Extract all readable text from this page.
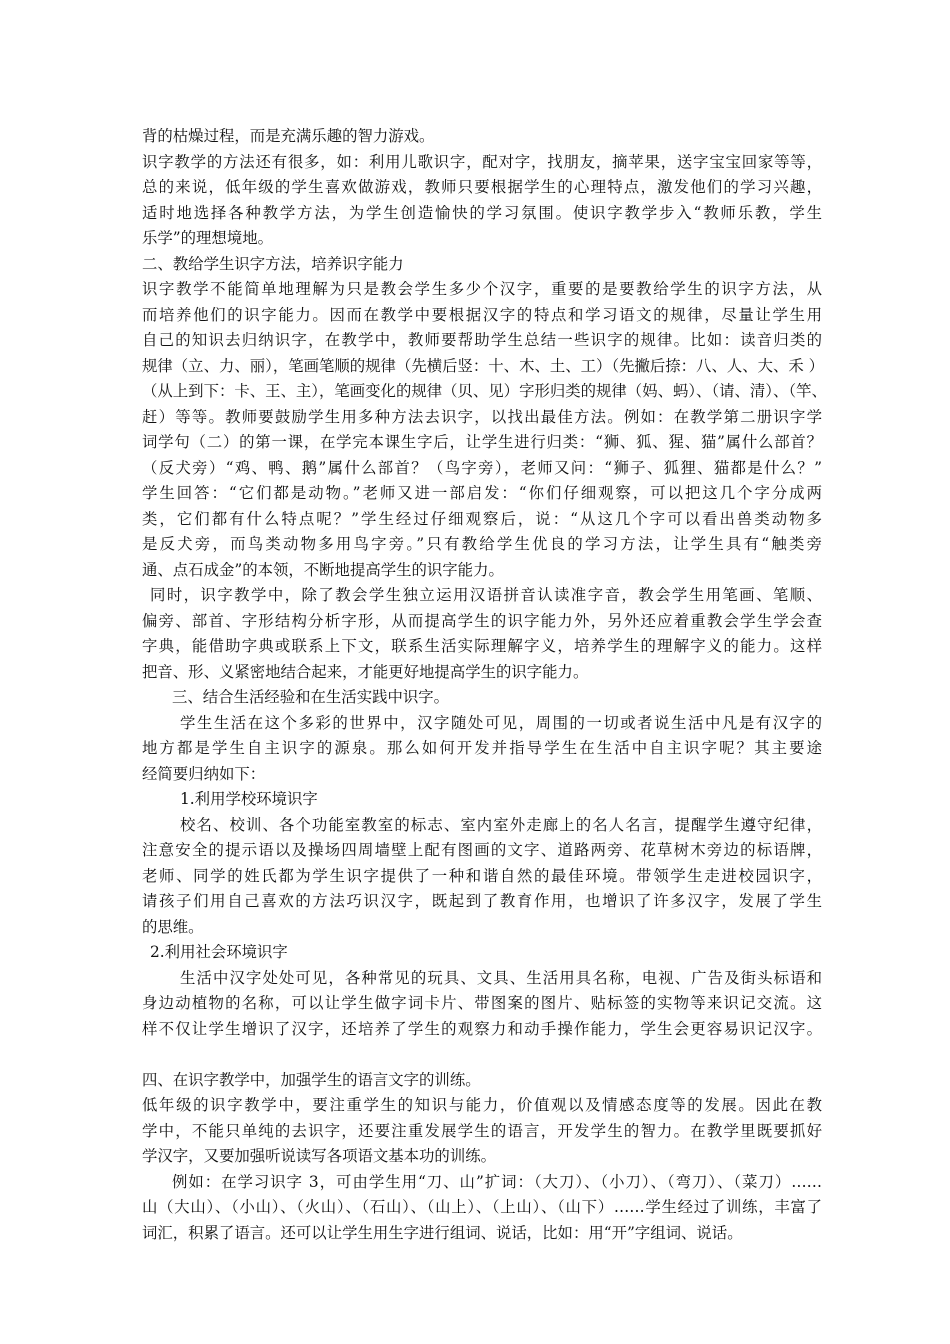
背的枯燥过程，而是充满乐趣的智力游戏。
识字教学的方法还有很多，如：利用儿歌识字，配对字，找朋友，摘苹果，送字宝宝回家等等，
总的来说，低年级的学生喜欢做游戏，教师只要根据学生的心理特点，激发他们的学习兴趣，
适时地选择各种教学方法，为学生创造愉快的学习氛围。使识字教学步入“教师乐教，学生
乐学”的理想境地。
二、教给学生识字方法，培养识字能力
识字教学不能简单地理解为只是教会学生多少个汉字，重要的是要教给学生的识字方法，从
而培养他们的识字能力。因而在教学中要根据汉字的特点和学习语文的规律，尽量让学生用
自己的知识去归纳识字，在教学中，教师要帮助学生总结一些识字的规律。比如：读音归类的
规律（立、力、丽），笔画笔顺的规律（先横后竖：十、木、土、工）（先撇后捺：八、人、大、禾 ）
（从上到下：卡、王、主），笔画变化的规律（贝、见）字形归类的规律（妈、蚂）、（请、清）、（竿、
赶）等等。教师要鼓励学生用多种方法去识字，以找出最佳方法。例如：在教学第二册识字学
词学句（二）的第一课，在学完本课生字后，让学生进行归类：“狮、狐、猩、猫”属什么部首？
（反犬旁）“鸡、鸭、鹅”属什么部首？（鸟字旁），老师又问：“狮子、狐狸、猫都是什么？”
学生回答：“它们都是动物。”老师又进一部启发：“你们仔细观察，可以把这几个字分成两
类，它们都有什么特点呢？”学生经过仔细观察后，说：“从这几个字可以看出兽类动物多
是反犬旁，而鸟类动物多用鸟字旁。”只有教给学生优良的学习方法，让学生具有“触类旁
通、点石成金”的本领，不断地提高学生的识字能力。
同时，识字教学中，除了教会学生独立运用汉语拼音认读准字音，教会学生用笔画、笔顺、
偏旁、部首、字形结构分析字形，从而提高学生的识字能力外，另外还应着重教会学生学会查
字典，能借助字典或联系上下文，联系生活实际理解字义，培养学生的理解字义的能力。这样
把音、形、义紧密地结合起来，才能更好地提高学生的识字能力。
三、结合生活经验和在生活实践中识字。
学生生活在这个多彩的世界中，汉字随处可见，周围的一切或者说生活中凡是有汉字的
地方都是学生自主识字的源泉。那么如何开发并指导学生在生活中自主识字呢？其主要途
经简要归纳如下：
1.利用学校环境识字
校名、校训、各个功能室教室的标志、室内室外走廊上的名人名言，提醒学生遵守纪律，
注意安全的提示语以及操场四周墙壁上配有图画的文字、道路两旁、花草树木旁边的标语牌，
老师、同学的姓氏都为学生识字提供了一种和谐自然的最佳环境。带领学生走进校园识字，
请孩子们用自己喜欢的方法巧识汉字，既起到了教育作用，也增识了许多汉字，发展了学生
的思维。
2.利用社会环境识字
生活中汉字处处可见，各种常见的玩具、文具、生活用具名称，电视、广告及街头标语和
身边动植物的名称，可以让学生做字词卡片、带图案的图片、贴标签的实物等来识记交流。这
样不仅让学生增识了汉字，还培养了学生的观察力和动手操作能力，学生会更容易识记汉字。
四、在识字教学中，加强学生的语言文字的训练。
低年级的识字教学中，要注重学生的知识与能力，价值观以及情感态度等的发展。因此在教
学中，不能只单纯的去识字，还要注重发展学生的语言，开发学生的智力。在教学里既要抓好
学汉字，又要加强听说读写各项语文基本功的训练。
例如：在学习识字 3，可由学生用“刀、山”扩词：（大刀）、（小刀）、（弯刀）、（菜刀）……
山（大山）、（小山）、（火山）、（石山）、（山上）、（上山）、（山下）……学生经过了训练，丰富了
词汇，积累了语言。还可以让学生用生字进行组词、说话，比如：用“开”字组词、说话。
